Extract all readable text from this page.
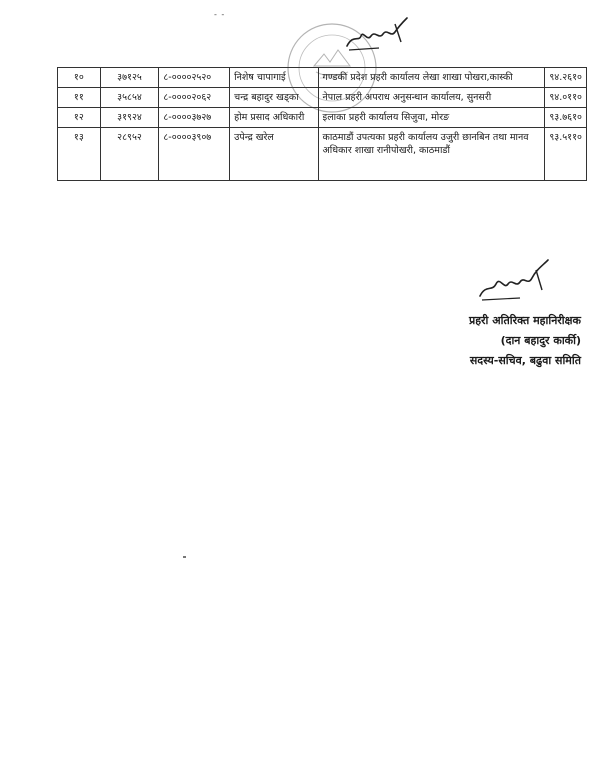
- -
१०	३७१२५	८-००००२५२०	निशेष चापागाई	गण्डकी प्रदेश प्रहरी कार्यालय लेखा शाखा पोखरा,कास्की	९४.२६१०
११	३५८५४	८-००००२०६२	चन्द्र बहादुर खड्का	नेपाल प्रहरी अपराध अनुसन्धान कार्यालय, सुनसरी	९४.०११०
१२	३१९२४	८-००००३७२७	होम प्रसाद अधिकारी	इलाका प्रहरी कार्यालय सिजुवा, मोरङ	९३.७६१०
१३	२८९५२	८-००००३९०७	उपेन्द्र खरेल	काठमाडौं उपत्यका प्रहरी कार्यालय उजुरी छानबिन तथा मानव अधिकार शाखा रानीपोखरी, काठमाडौं	९३.५११०
प्रहरी अतिरिक्त महानिरीक्षक
(दान बहादुर कार्की)
सदस्य-सचिव, बढुवा समिति
